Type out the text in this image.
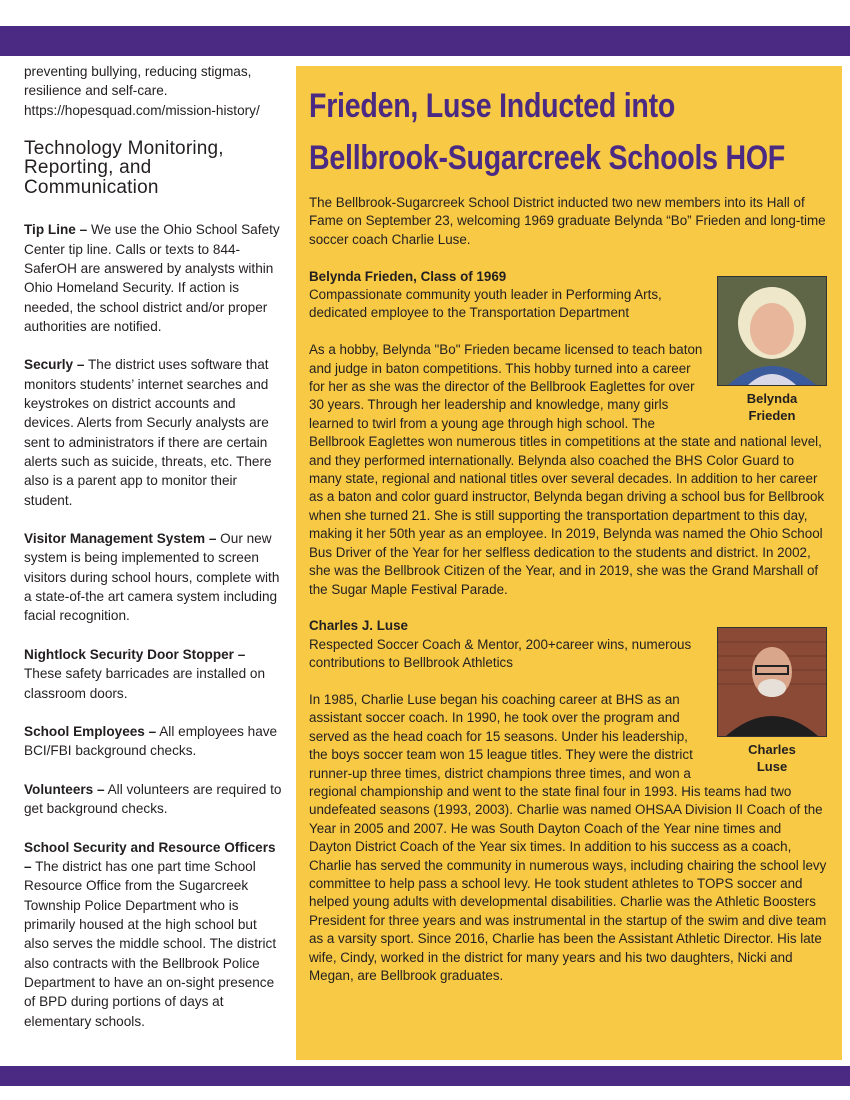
preventing bullying, reducing stigmas, resilience and self-care. https://hopesquad.com/mission-history/

Technology Monitoring, Reporting, and Communication

Tip Line – We use the Ohio School Safety Center tip line. Calls or texts to 844-SaferOH are answered by analysts within Ohio Homeland Security. If action is needed, the school district and/or proper authorities are notified.

Securly – The district uses software that monitors students’ internet searches and keystrokes on district accounts and devices. Alerts from Securly analysts are sent to administrators if there are certain alerts such as suicide, threats, etc. There also is a parent app to monitor their student.

Visitor Management System – Our new system is being implemented to screen visitors during school hours, complete with a state-of-the art camera system including facial recognition.

Nightlock Security Door Stopper – These safety barricades are installed on classroom doors.

School Employees – All employees have BCI/FBI background checks.

Volunteers – All volunteers are required to get background checks.

School Security and Resource Officers – The district has one part time School Resource Office from the Sugarcreek Township Police Department who is primarily housed at the high school but also serves the middle school. The district also contracts with the Bellbrook Police Department to have an on-sight presence of BPD during portions of days at elementary schools.

Frieden, Luse Inducted into
Bellbrook-Sugarcreek Schools HOF

The Bellbrook-Sugarcreek School District inducted two new members into its Hall of Fame on September 23, welcoming 1969 graduate Belynda “Bo” Frieden and long-time soccer coach Charlie Luse.

Belynda
Frieden

Belynda Frieden, Class of 1969

Compassionate community youth leader in Performing Arts, dedicated employee to the Transportation Department

As a hobby, Belynda "Bo" Frieden became licensed to teach baton and judge in baton competitions. This hobby turned into a career for her as she was the director of the Bellbrook Eaglettes for over 30 years. Through her leadership and knowledge, many girls learned to twirl from a young age through high school. The Bellbrook Eaglettes won numerous titles in competitions at the state and national level, and they performed internationally. Belynda also coached the BHS Color Guard to many state, regional and national titles over several decades. In addition to her career as a baton and color guard instructor, Belynda began driving a school bus for Bellbrook when she turned 21. She is still supporting the transportation department to this day, making it her 50th year as an employee. In 2019, Belynda was named the Ohio School Bus Driver of the Year for her selfless dedication to the students and district. In 2002, she was the Bellbrook Citizen of the Year, and in 2019, she was the Grand Marshall of the Sugar Maple Festival Parade.

Charles
Luse

Charles J. Luse

Respected Soccer Coach & Mentor, 200+career wins, numerous contributions to Bellbrook Athletics

In 1985, Charlie Luse began his coaching career at BHS as an assistant soccer coach. In 1990, he took over the program and served as the head coach for 15 seasons. Under his leadership, the boys soccer team won 15 league titles. They were the district runner-up three times, district champions three times, and won a regional championship and went to the state final four in 1993. His teams had two undefeated seasons (1993, 2003). Charlie was named OHSAA Division II Coach of the Year in 2005 and 2007. He was South Dayton Coach of the Year nine times and Dayton District Coach of the Year six times. In addition to his success as a coach, Charlie has served the community in numerous ways, including chairing the school levy committee to help pass a school levy. He took student athletes to TOPS soccer and helped young adults with developmental disabilities. Charlie was the Athletic Boosters President for three years and was instrumental in the startup of the swim and dive team as a varsity sport. Since 2016, Charlie has been the Assistant Athletic Director. His late wife, Cindy, worked in the district for many years and his two daughters, Nicki and Megan, are Bellbrook graduates.
